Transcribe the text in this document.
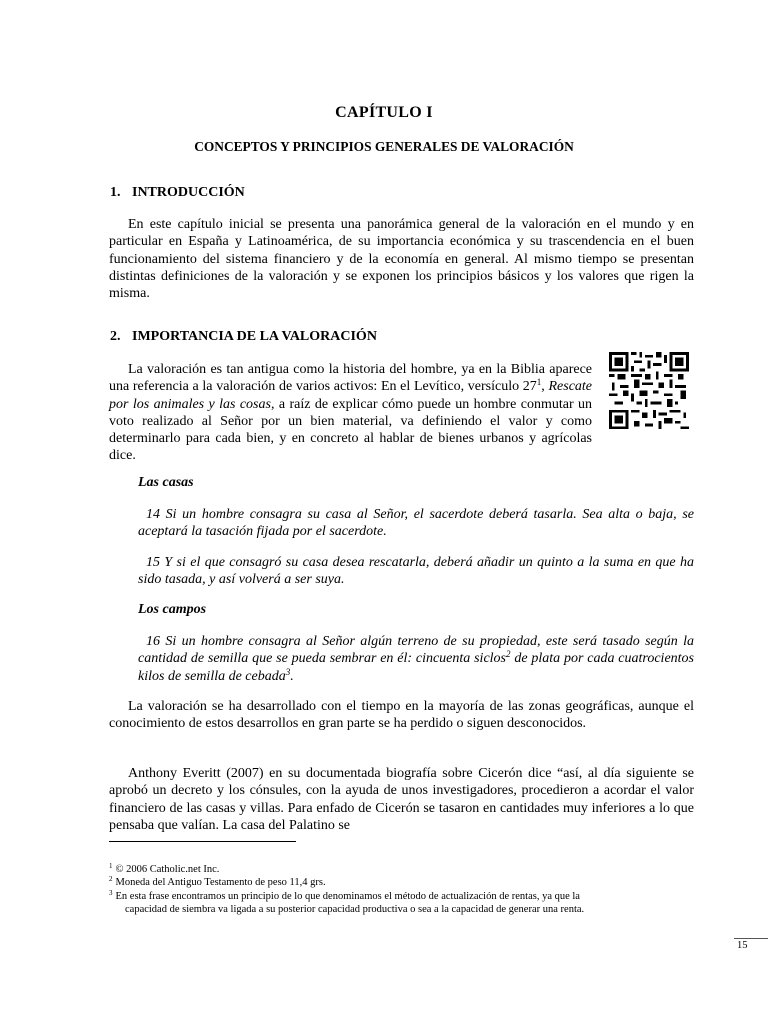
CAPÍTULO I
CONCEPTOS Y PRINCIPIOS GENERALES DE VALORACIÓN
1. INTRODUCCIÓN

En este capítulo inicial se presenta una panorámica general de la valoración en el mundo y en particular en España y Latinoamérica, de su importancia económica y su trascendencia en el buen funcionamiento del sistema financiero y de la economía en general. Al mismo tiempo se presentan distintas definiciones de la valoración y se exponen los principios básicos y los valores que rigen la misma.

2. IMPORTANCIA DE LA VALORACIÓN

La valoración es tan antigua como la historia del hombre, ya en la Biblia aparece una referencia a la valoración de varios activos: En el Levítico, versículo $27^1$, Rescate por los animales y las cosas, a raíz de explicar cómo puede un hombre conmutar un voto realizado al Señor por un bien material, va definiendo el valor y como determinarlo para cada bien, y en concreto al hablar de bienes urbanos y agrícolas dice.

Las casas

14 Si un hombre consagra su casa al Señor, el sacerdote deberá tasarla. Sea alta o baja, se aceptará la tasación fijada por el sacerdote.

15 Y si el que consagró su casa desea rescatarla, deberá añadir un quinto a la suma en que ha sido tasada, y así volverá a ser suya.

Los campos

16 Si un hombre consagra al Señor algún terreno de su propiedad, este será tasado según la cantidad de semilla que se pueda sembrar en él: cincuenta siclos$^2$ de plata por cada cuatrocientos kilos de semilla de cebada$^3$.

La valoración se ha desarrollado con el tiempo en la mayoría de las zonas geográficas, aunque el conocimiento de estos desarrollos en gran parte se ha perdido o siguen desconocidos.

Anthony Everitt (2007) en su documentada biografía sobre Cicerón dice “así, al día siguiente se aprobó un decreto y los cónsules, con la ayuda de unos investigadores, procedieron a acordar el valor financiero de las casas y villas. Para enfado de Cicerón se tasaron en cantidades muy inferiores a lo que pensaba que valían. La casa del Palatino se

$^1$ © 2006 Catholic.net Inc.

$^2$ Moneda del Antiguo Testamento de peso 11,4 grs.

$^3$ En esta frase encontramos un principio de lo que denominamos el método de actualización de rentas, ya que la
capacidad de siembra va ligada a su posterior capacidad productiva o sea a la capacidad de generar una renta.

15
